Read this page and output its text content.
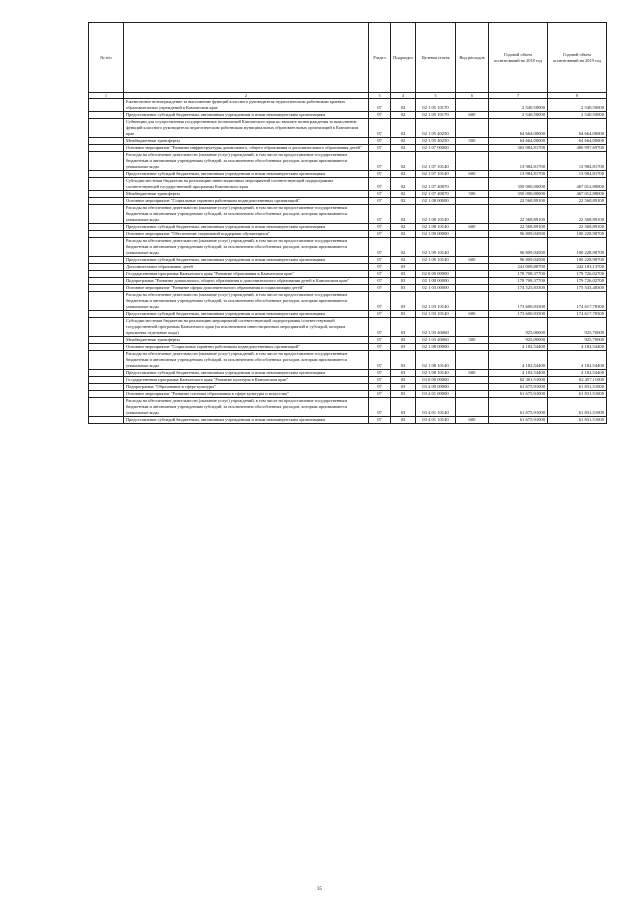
№ п/п		Раздел	Подраздел	Целевая статья	Вид расходов	Годовой объем ассигнований на 2018 год	Годовой объем ассигнований на 2019 год
1	2	3	4	5	6	7	8
	Ежемесячное вознаграждение за выполнение функций классного руководителя педагогическим работникам краевых образовательных учреждений в Камчатском крае	07	02	02 1 05 10170		2 540,50000	2 540,50000
	Предоставление субсидий бюджетным, автономным учреждениям и иным некоммерческим организациям	07	02	02 1 05 10170	600	2 540,50000	2 540,50000
	Субвенции для осуществления государственных полномочий Камчатского края по выплате вознаграждения за выполнение функций классного руководителя педагогическим работникам муниципальных образовательных организаций в Камчатском крае	07	02	02 1 05 40250		64 664,00000	64 664,00000
	Межбюджетные трансферты	07	02	02 1 05 40250	500	64 664,00000	64 664,00000
	Основное мероприятие "Развитие инфраструктуры дошкольного, общего образования и дополнительного образования детей"	07	02	02 1 07 00000		363 984,81700	480 997,69700
	Расходы на обеспечение деятельности (оказание услуг) учреждений, в том числе на предоставление государственным бюджетным и автономным учреждениям субсидий, за исключением обособленных расходов, которым присваиваются уникальные коды	07	02	02 1 07 10140		13 984,81700	13 984,81700
	Предоставление субсидий бюджетным, автономным учреждениям и иным некоммерческим организациям	07	02	02 1 07 10140	600	13 984,81700	13 984,81700
	Субсидии местным бюджетам на реализацию инвестиционных мероприятий соответствующей подпрограммы соответствующей государственной программы Камчатского края	07	02	02 1 07 40070		350 000,00000	467 012,88000
	Межбюджетные трансферты	07	02	02 1 07 40070	500	350 000,00000	467 012,88000
	Основное мероприятие "Социальные гарантии работникам подведомственных организаций"	07	02	02 1 08 00000		22 568,89100	22 568,89100
	Расходы на обеспечение деятельности (оказание услуг) учреждений, в том числе на предоставление государственным бюджетным и автономным учреждениям субсидий, за исключением обособленных расходов, которым присваиваются уникальные коды	07	02	02 1 08 10140		22 568,89100	22 568,89100
	Предоставление субсидий бюджетным, автономным учреждениям и иным некоммерческим организациям	07	02	02 1 08 10140	600	22 568,89100	22 568,89100
	Основное мероприятие "Обеспечение социальной поддержки обучающихся"	07	02	02 1 09 00000		96 809,04500	100 228,98700
	Расходы на обеспечение деятельности (оказание услуг) учреждений, в том числе на предоставление государственным бюджетным и автономным учреждениям субсидий, за исключением обособленных расходов, которым присваиваются уникальные коды	07	02	02 1 09 10140		96 809,04500	100 228,98700
	Предоставление субсидий бюджетным, автономным учреждениям и иным некоммерческим организациям	07	02	02 1 09 10140	600	96 809,04500	100 228,98700
	Дополнительное образование детей	07	03			241 009,88700	242 183,13700
	Государственная программа Камчатского края "Развитие образования в Камчатском крае"	07	03	02 0 00 00000		178 708,37700	179 726,02700
	Подпрограмма "Развитие дошкольного, общего образования и дополнительного образования детей в Камчатском крае"	07	03	02 1 00 00000		178 708,37700	179 726,02700
	Основное мероприятие "Развитие сферы дополнительного образования и социализации детей"	07	03	02 1 03 00000		174 525,83300	175 543,48300
	Расходы на обеспечение деятельности (оказание услуг) учреждений, в том числе на предоставление государственным бюджетным и автономным учреждениям субсидий, за исключением обособленных расходов, которым присваиваются уникальные коды	07	03	02 1 03 10140		173 600,83300	174 617,78300
	Предоставление субсидий бюджетным, автономным учреждениям и иным некоммерческим организациям	07	03	02 1 03 10140	600	173 600,83300	174 617,78300
	Субсидии местным бюджетам на реализацию мероприятий соответствующей подпрограммы соответствующей государственной программы Камчатского края (за исключением инвестиционных мероприятий и субсидий, которым присвоены отдельные коды)	07	03	02 1 03 40060		925,00000	925,70000
	Межбюджетные трансферты	07	03	02 1 03 40060	500	925,00000	925,70000
	Основное мероприятие "Социальные гарантии работникам подведомственных организаций"	07	03	02 1 08 00000		4 182,54400	4 182,54400
	Расходы на обеспечение деятельности (оказание услуг) учреждений, в том числе на предоставление государственным бюджетным и автономным учреждениям субсидий, за исключением обособленных расходов, которым присваиваются уникальные коды	07	03	02 1 08 10140		4 182,54400	4 182,54400
	Предоставление субсидий бюджетным, автономным учреждениям и иным некоммерческим организациям	07	03	02 1 08 10140	600	4 182,54400	4 182,54400
	Государственная программа Камчатского края "Развитие культуры в Камчатском крае"	07	03	03 0 00 00000		62 301,51000	62 457,11000
	Подпрограмма "Образование в сфере культуры"	07	03	03 4 00 00000		61 675,91000	61 831,51000
	Основное мероприятие "Развитие системы образования в сфере культуры и искусства"	07	03	03 4 01 00000		61 675,91000	61 831,51000
	Расходы на обеспечение деятельности (оказание услуг) учреждений, в том числе на предоставление государственным бюджетным и автономным учреждениям субсидий, за исключением обособленных расходов, которым присваиваются уникальные коды	07	03	03 4 01 10140		61 675,91000	61 831,51000
	Предоставление субсидий бюджетным, автономным учреждениям и иным некоммерческим организациям	07	03	03 4 01 10140	600	61 675,91000	61 831,51000
35
